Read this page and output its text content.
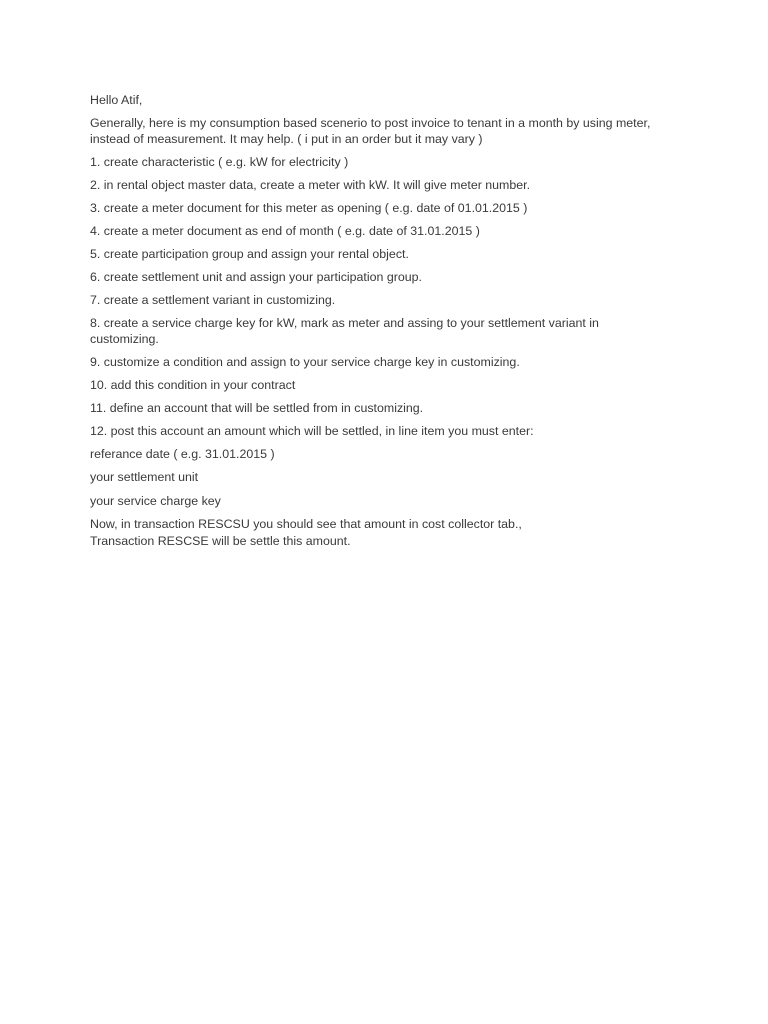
Hello Atif,

Generally, here is my consumption based scenerio to post invoice to tenant in a month by using meter, instead of measurement. It may help. ( i put in an order but it may vary )

1. create characteristic ( e.g. kW for electricity )

2. in rental object master data, create a meter with kW. It will give meter number.

3. create a meter document for this meter as opening ( e.g. date of 01.01.2015 )

4. create a meter document as end of month ( e.g. date of 31.01.2015 )

5. create participation group and assign your rental object.

6. create settlement unit and assign your participation group.

7. create a settlement variant in customizing.

8. create a service charge key for kW, mark as meter and assing to your settlement variant in customizing.

9. customize a condition and assign to your service charge key in customizing.

10. add this condition in your contract

11. define an account that will be settled from in customizing.

12. post this account an amount which will be settled, in line item you must enter:

referance date ( e.g. 31.01.2015 )

your settlement unit

your service charge key

Now, in transaction RESCSU you should see that amount in cost collector tab.,

Transaction RESCSE will be settle this amount.
